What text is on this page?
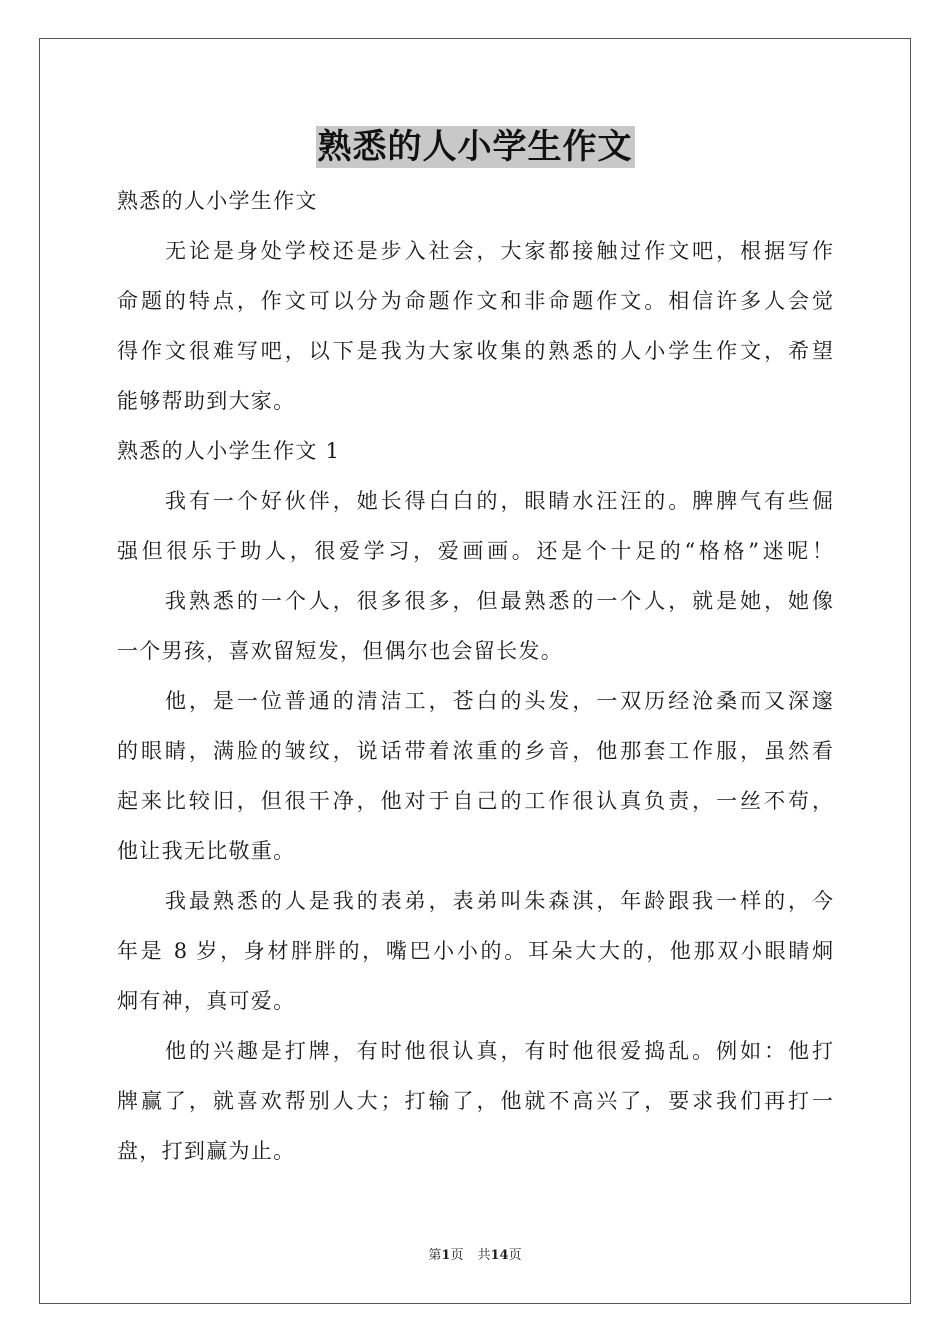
熟悉的人小学生作文
熟悉的人小学生作文
无论是身处学校还是步入社会，大家都接触过作文吧，根据写作
命题的特点，作文可以分为命题作文和非命题作文。相信许多人会觉
得作文很难写吧，以下是我为大家收集的熟悉的人小学生作文，希望
能够帮助到大家。
熟悉的人小学生作文 1
我有一个好伙伴，她长得白白的，眼睛水汪汪的。脾脾气有些倔
强但很乐于助人，很爱学习，爱画画。还是个十足的“格格”迷呢！
我熟悉的一个人，很多很多，但最熟悉的一个人，就是她，她像
一个男孩，喜欢留短发，但偶尔也会留长发。
他，是一位普通的清洁工，苍白的头发，一双历经沧桑而又深邃
的眼睛，满脸的皱纹，说话带着浓重的乡音，他那套工作服，虽然看
起来比较旧，但很干净，他对于自己的工作很认真负责，一丝不苟，
他让我无比敬重。
我最熟悉的人是我的表弟，表弟叫朱森淇，年龄跟我一样的，今
年是 8 岁，身材胖胖的，嘴巴小小的。耳朵大大的，他那双小眼睛炯
炯有神，真可爱。
他的兴趣是打牌，有时他很认真，有时他很爱捣乱。例如：他打
牌赢了，就喜欢帮别人大；打输了，他就不高兴了，要求我们再打一
盘，打到赢为止。
第1页 共14页
